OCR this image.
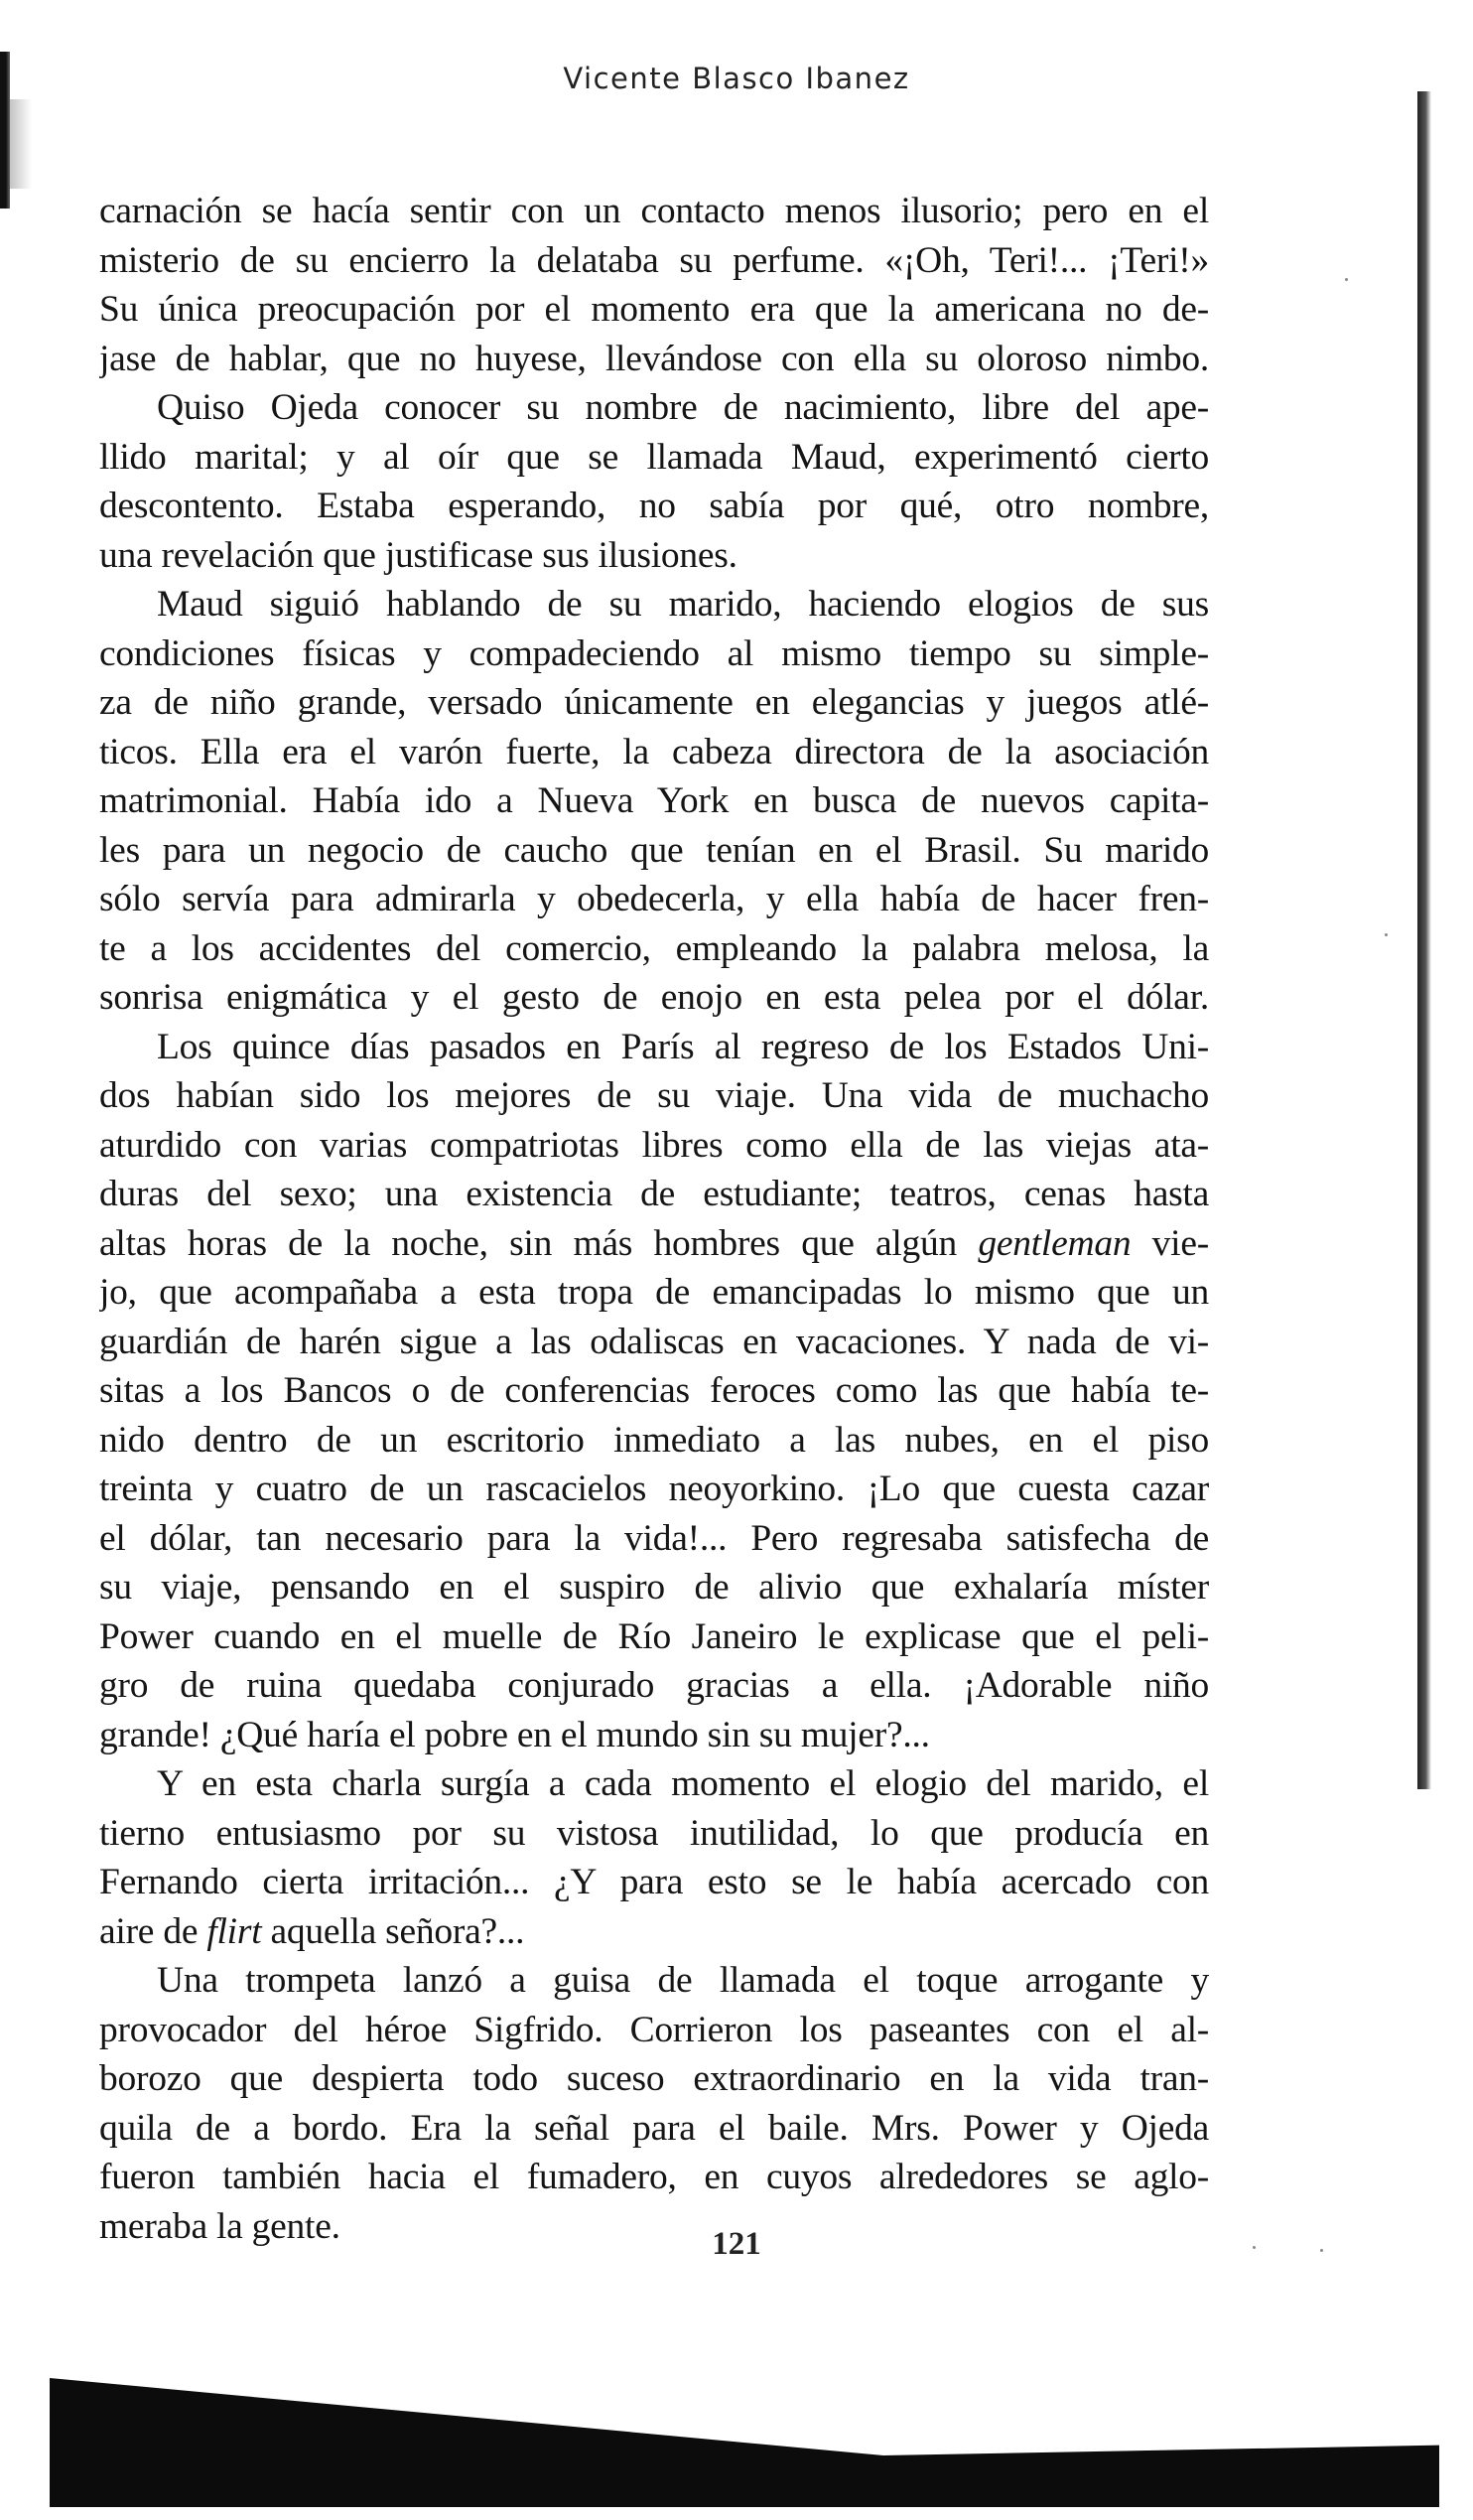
Vicente Blasco Ibanez
carnación se hacía sentir con un contacto menos ilusorio; pero en el
misterio de su encierro la delataba su perfume. «¡Oh, Teri!... ¡Teri!»
Su única preocupación por el momento era que la americana no de-
jase de hablar, que no huyese, llevándose con ella su oloroso nimbo.
Quiso Ojeda conocer su nombre de nacimiento, libre del ape-
llido marital; y al oír que se llamada Maud, experimentó cierto
descontento. Estaba esperando, no sabía por qué, otro nombre,
una revelación que justificase sus ilusiones.
Maud siguió hablando de su marido, haciendo elogios de sus
condiciones físicas y compadeciendo al mismo tiempo su simple-
za de niño grande, versado únicamente en elegancias y juegos atlé-
ticos. Ella era el varón fuerte, la cabeza directora de la asociación
matrimonial. Había ido a Nueva York en busca de nuevos capita-
les para un negocio de caucho que tenían en el Brasil. Su marido
sólo servía para admirarla y obedecerla, y ella había de hacer fren-
te a los accidentes del comercio, empleando la palabra melosa, la
sonrisa enigmática y el gesto de enojo en esta pelea por el dólar.
Los quince días pasados en París al regreso de los Estados Uni-
dos habían sido los mejores de su viaje. Una vida de muchacho
aturdido con varias compatriotas libres como ella de las viejas ata-
duras del sexo; una existencia de estudiante; teatros, cenas hasta
altas horas de la noche, sin más hombres que algún gentleman vie-
jo, que acompañaba a esta tropa de emancipadas lo mismo que un
guardián de harén sigue a las odaliscas en vacaciones. Y nada de vi-
sitas a los Bancos o de conferencias feroces como las que había te-
nido dentro de un escritorio inmediato a las nubes, en el piso
treinta y cuatro de un rascacielos neoyorkino. ¡Lo que cuesta cazar
el dólar, tan necesario para la vida!... Pero regresaba satisfecha de
su viaje, pensando en el suspiro de alivio que exhalaría míster
Power cuando en el muelle de Río Janeiro le explicase que el peli-
gro de ruina quedaba conjurado gracias a ella. ¡Adorable niño
grande! ¿Qué haría el pobre en el mundo sin su mujer?...
Y en esta charla surgía a cada momento el elogio del marido, el
tierno entusiasmo por su vistosa inutilidad, lo que producía en
Fernando cierta irritación... ¿Y para esto se le había acercado con
aire de flirt aquella señora?...
Una trompeta lanzó a guisa de llamada el toque arrogante y
provocador del héroe Sigfrido. Corrieron los paseantes con el al-
borozo que despierta todo suceso extraordinario en la vida tran-
quila de a bordo. Era la señal para el baile. Mrs. Power y Ojeda
fueron también hacia el fumadero, en cuyos alrededores se aglo-
meraba la gente.	121
